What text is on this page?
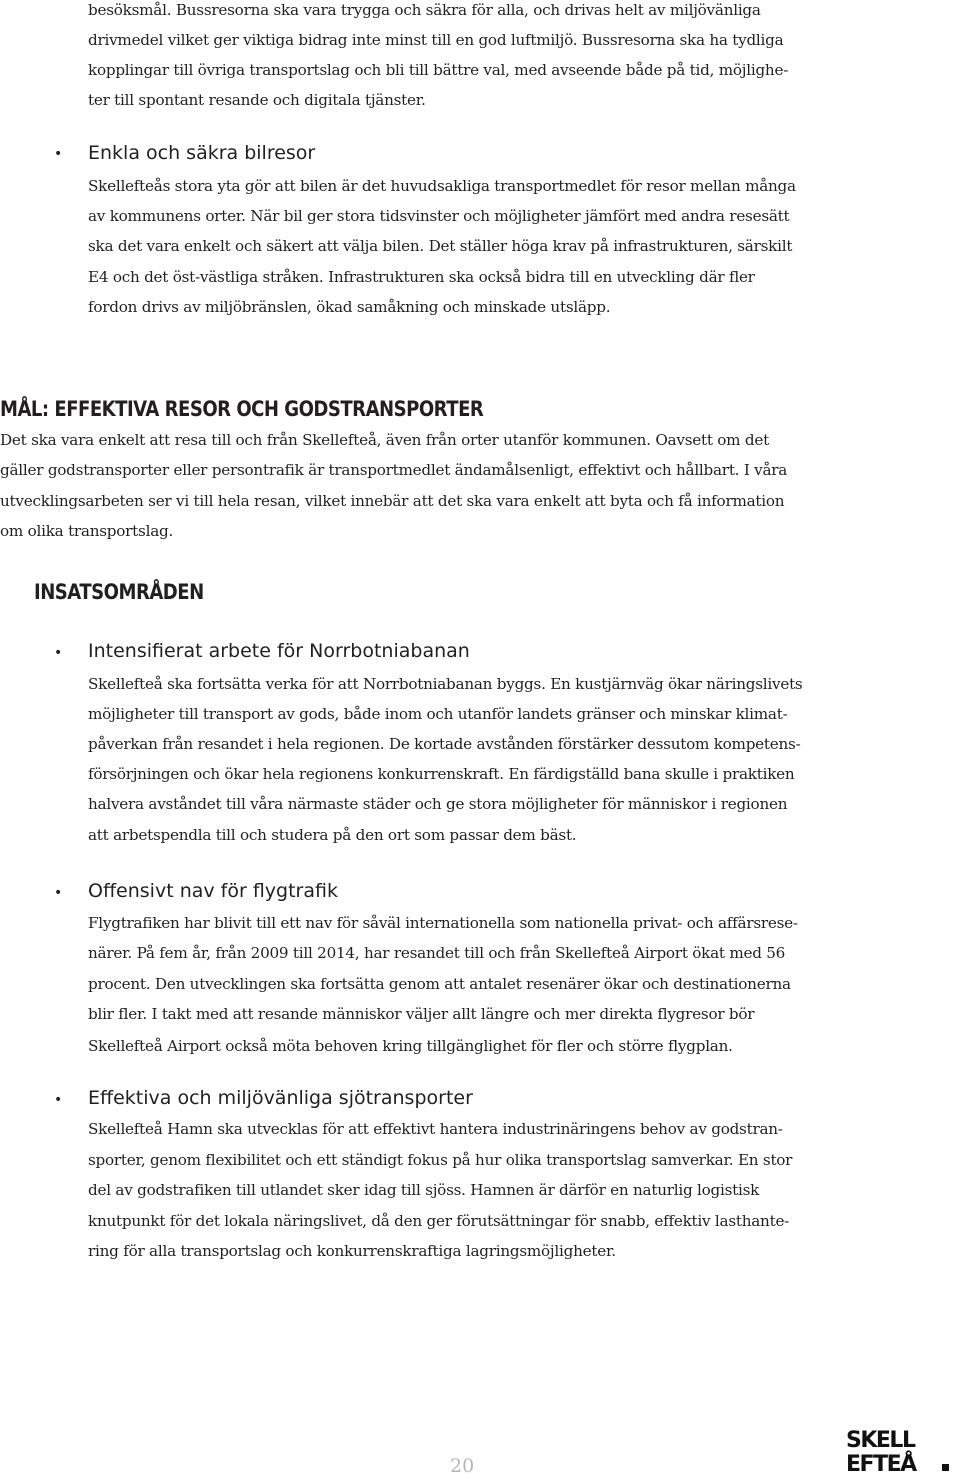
besöksmål. Bussresorna ska vara trygga och säkra för alla, och drivas helt av miljövänliga
drivmedel vilket ger viktiga bidrag inte minst till en god luftmiljö. Bussresorna ska ha tydliga
kopplingar till övriga transportslag och bli till bättre val, med avseende både på tid, möjlighe-
ter till spontant resande och digitala tjänster.
• Enkla och säkra bilresor
Skellefteås stora yta gör att bilen är det huvudsakliga transportmedlet för resor mellan många
av kommunens orter. När bil ger stora tidsvinster och möjligheter jämfört med andra resesätt
ska det vara enkelt och säkert att välja bilen. Det ställer höga krav på infrastrukturen, särskilt
E4 och det öst-västliga stråken. Infrastrukturen ska också bidra till en utveckling där fler
fordon drivs av miljöbränslen, ökad samåkning och minskade utsläpp.
MÅL: EFFEKTIVA RESOR OCH GODSTRANSPORTER
Det ska vara enkelt att resa till och från Skellefteå, även från orter utanför kommunen. Oavsett om det
gäller godstransporter eller persontrafik är transportmedlet ändamålsenligt, effektivt och hållbart. I våra
utvecklingsarbeten ser vi till hela resan, vilket innebär att det ska vara enkelt att byta och få information
om olika transportslag.
INSATSOMRÅDEN
• Intensifierat arbete för Norrbotniabanan
Skellefteå ska fortsätta verka för att Norrbotniabanan byggs. En kustjärnväg ökar näringslivets
möjligheter till transport av gods, både inom och utanför landets gränser och minskar klimat-
påverkan från resandet i hela regionen. De kortade avstånden förstärker dessutom kompetens-
försörjningen och ökar hela regionens konkurrenskraft. En färdigställd bana skulle i praktiken
halvera avståndet till våra närmaste städer och ge stora möjligheter för människor i regionen
att arbetspendla till och studera på den ort som passar dem bäst.
• Offensivt nav för flygtrafik
Flygtrafiken har blivit till ett nav för såväl internationella som nationella privat- och affärsrese-
närer. På fem år, från 2009 till 2014, har resandet till och från Skellefteå Airport ökat med 56
procent. Den utvecklingen ska fortsätta genom att antalet resenärer ökar och destinationerna
blir fler. I takt med att resande människor väljer allt längre och mer direkta flygresor bör
Skellefteå Airport också möta behoven kring tillgänglighet för fler och större flygplan.
• Effektiva och miljövänliga sjötransporter
Skellefteå Hamn ska utvecklas för att effektivt hantera industrinäringens behov av godstran-
sporter, genom flexibilitet och ett ständigt fokus på hur olika transportslag samverkar. En stor
del av godstrafiken till utlandet sker idag till sjöss. Hamnen är därför en naturlig logistisk
knutpunkt för det lokala näringslivet, då den ger förutsättningar för snabb, effektiv lasthante-
ring för alla transportslag och konkurrenskraftiga lagringsmöjligheter.
20
SKELL
EFTEÅ
